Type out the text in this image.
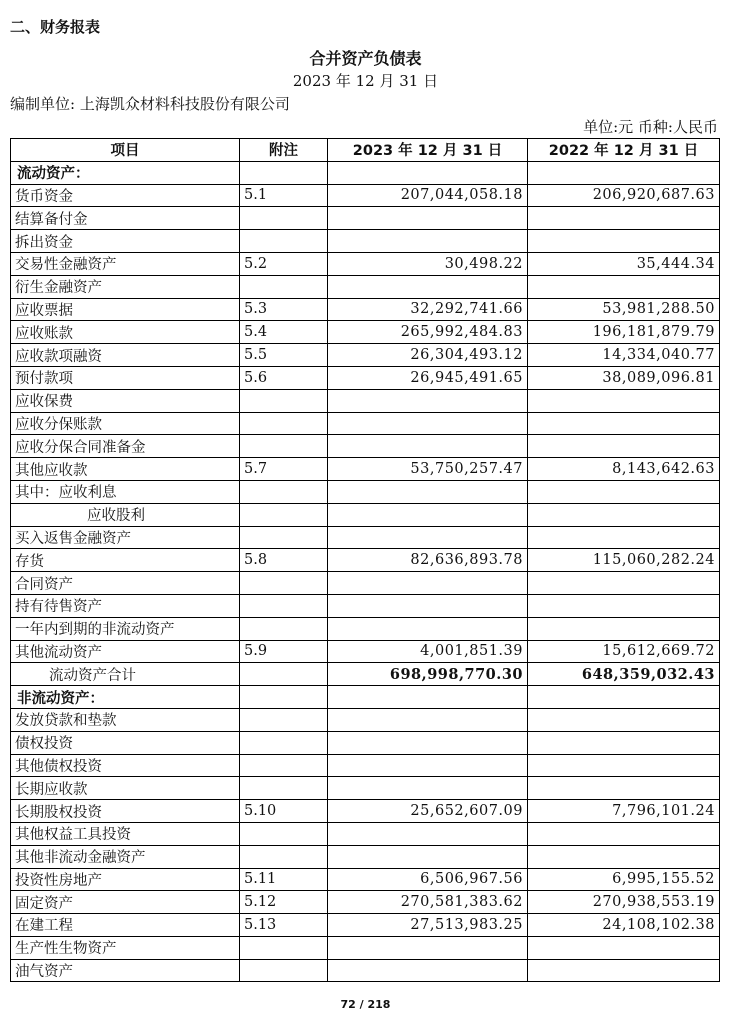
二、财务报表
合并资产负债表
2023 年 12 月 31 日
编制单位: 上海凯众材料科技股份有限公司
单位:元 币种:人民币
项目	附注	2023 年 12 月 31 日	2022 年 12 月 31 日
流动资产：			
货币资金	5.1	207,044,058.18	206,920,687.63
结算备付金			
拆出资金			
交易性金融资产	5.2	30,498.22	35,444.34
衍生金融资产			
应收票据	5.3	32,292,741.66	53,981,288.50
应收账款	5.4	265,992,484.83	196,181,879.79
应收款项融资	5.5	26,304,493.12	14,334,040.77
预付款项	5.6	26,945,491.65	38,089,096.81
应收保费			
应收分保账款			
应收分保合同准备金			
其他应收款	5.7	53,750,257.47	8,143,642.63
其中：应收利息			
应收股利			
买入返售金融资产			
存货	5.8	82,636,893.78	115,060,282.24
合同资产			
持有待售资产			
一年内到期的非流动资产			
其他流动资产	5.9	4,001,851.39	15,612,669.72
流动资产合计		698,998,770.30	648,359,032.43
非流动资产：			
发放贷款和垫款			
债权投资			
其他债权投资			
长期应收款			
长期股权投资	5.10	25,652,607.09	7,796,101.24
其他权益工具投资			
其他非流动金融资产			
投资性房地产	5.11	6,506,967.56	6,995,155.52
固定资产	5.12	270,581,383.62	270,938,553.19
在建工程	5.13	27,513,983.25	24,108,102.38
生产性生物资产			
油气资产			
72 / 218
